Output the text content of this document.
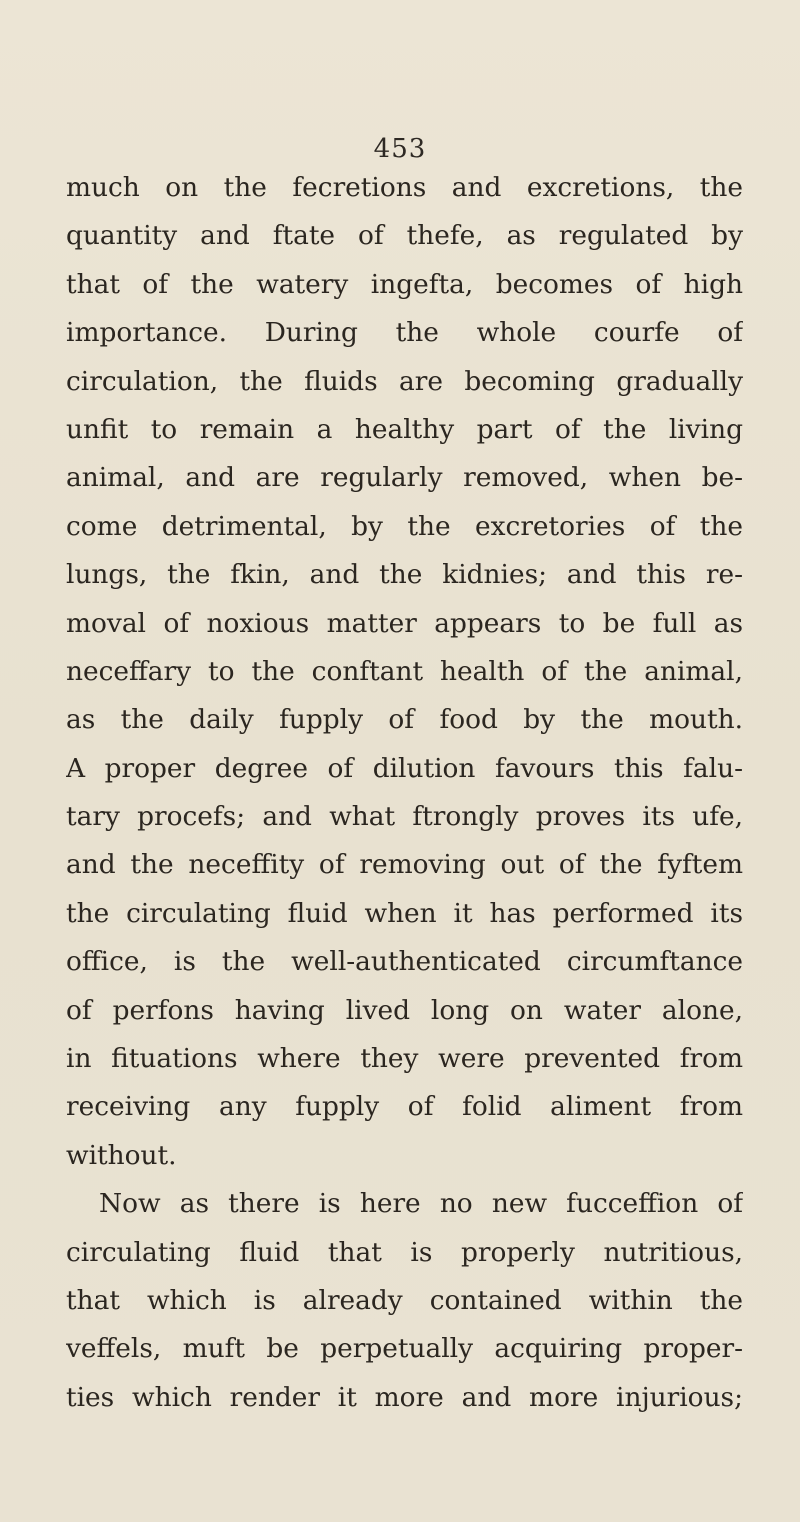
453
much on the fecretions and excretions, the
quantity and ftate of thefe, as regulated by
that of the watery ingefta, becomes of high
importance. During the whole courfe of
circulation, the fluids are becoming gradually
unfit to remain a healthy part of the living
animal, and are regularly removed, when be-
come detrimental, by the excretories of the
lungs, the fkin, and the kidnies; and this re-
moval of noxious matter appears to be full as
neceffary to the conftant health of the animal,
as the daily fupply of food by the mouth.
A proper degree of dilution favours this falu-
tary procefs; and what ftrongly proves its ufe,
and the neceffity of removing out of the fyftem
the circulating fluid when it has performed its
office, is the well-authenticated circumftance
of perfons having lived long on water alone,
in fituations where they were prevented from
receiving any fupply of folid aliment from
without.
Now as there is here no new fucceffion of
circulating fluid that is properly nutritious,
that which is already contained within the
veffels, muft be perpetually acquiring proper-
ties which render it more and more injurious;
